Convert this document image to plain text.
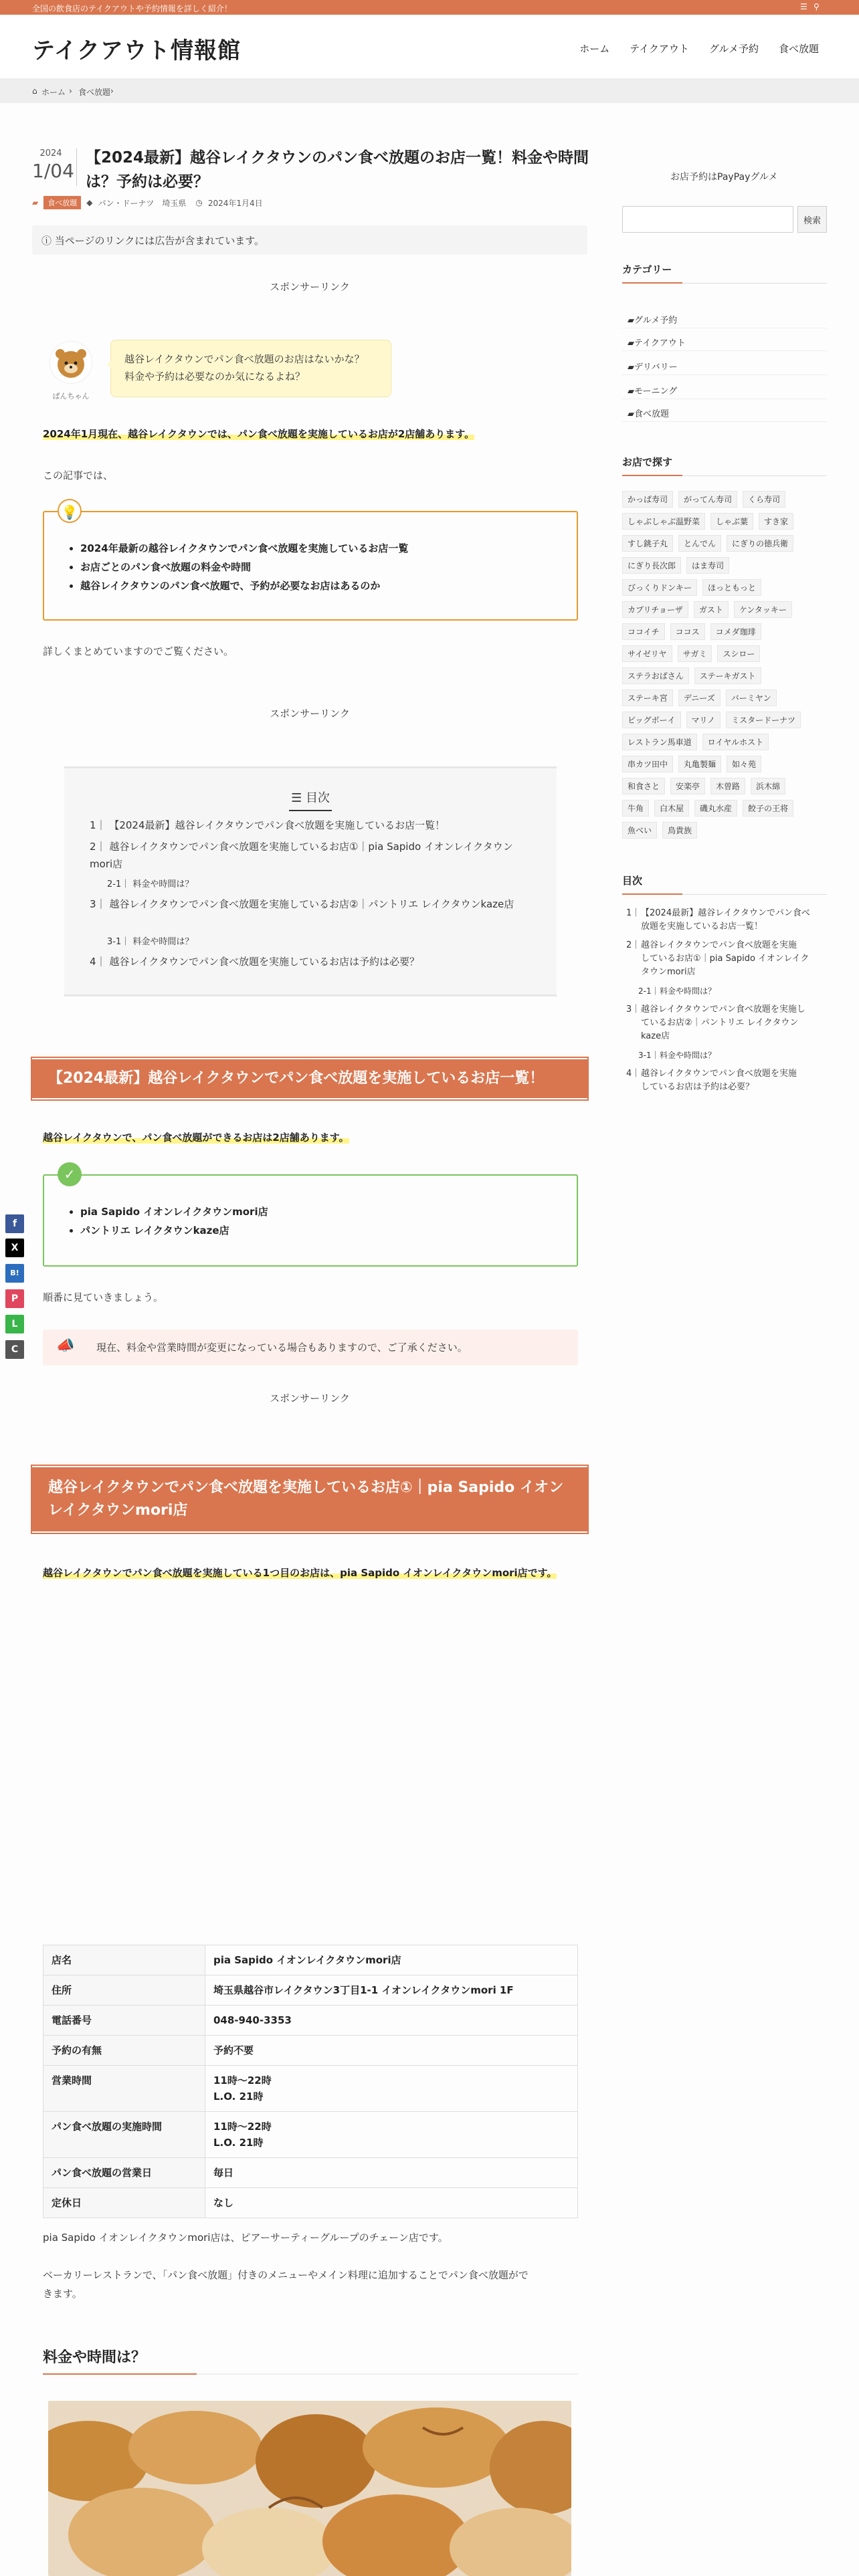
全国の飲食店のテイクアウトや予約情報を詳しく紹介！	☰ ⚲
テイクアウト情報館	ホーム テイクアウト グルメ予約 食べ放題
⌂ ホーム › 食べ放題 ›
2024
1/04
【2024最新】越谷レイクタウンのパン食べ放題のお店一覧！料金や時間は？予約は必要？
▰	食べ放題	◆ パン・ドーナツ　埼玉県 ◷ 2024年1月4日
ⓘ 当ページのリンクには広告が含まれています。
スポンサーリンク
ぱんちゃん
越谷レイクタウンでパン食べ放題のお店はないかな？
料金や予約は必要なのか気になるよね？
2024年1月現在、越谷レイクタウンでは、パン食べ放題を実施しているお店が2店舗あります。
この記事では、
💡
• 2024年最新の越谷レイクタウンでパン食べ放題を実施しているお店一覧
• お店ごとのパン食べ放題の料金や時間
• 越谷レイクタウンのパン食べ放題で、予約が必要なお店はあるのか
詳しくまとめていますのでご覧ください。
スポンサーリンク
☰ 目次
1｜ 【2024最新】越谷レイクタウンでパン食べ放題を実施しているお店一覧！
2｜ 越谷レイクタウンでパン食べ放題を実施しているお店①｜pia Sapido イオンレイクタウンmori店
2-1｜ 料金や時間は？
3｜ 越谷レイクタウンでパン食べ放題を実施しているお店②｜パントリエ レイクタウンkaze店
3-1｜ 料金や時間は？
4｜ 越谷レイクタウンでパン食べ放題を実施しているお店は予約は必要？
【2024最新】越谷レイクタウンでパン食べ放題を実施しているお店一覧！
越谷レイクタウンで、パン食べ放題ができるお店は2店舗あります。
✓
• pia Sapido イオンレイクタウンmori店
• パントリエ レイクタウンkaze店
順番に見ていきましょう。
📣 現在、料金や営業時間が変更になっている場合もありますので、ご了承ください。
スポンサーリンク
越谷レイクタウンでパン食べ放題を実施しているお店①｜pia Sapido イオンレイクタウンmori店
越谷レイクタウンでパン食べ放題を実施している1つ目のお店は、pia Sapido イオンレイクタウンmori店です。
店名	pia Sapido イオンレイクタウンmori店
住所	埼玉県越谷市レイクタウン3丁目1-1 イオンレイクタウンmori 1F
電話番号	048-940-3353
予約の有無	予約不要
営業時間	11時〜22時
L.O. 21時

パン食べ放題の実施時間	11時〜22時
L.O. 21時

パン食べ放題の営業日	毎日
定休日	なし
pia Sapido イオンレイクタウンmori店は、ピアーサーティーグループのチェーン店です。
ベーカリーレストランで、「パン食べ放題」付きのメニューやメイン料理に追加することでパン食べ放題がで
きます。
料金や時間は？
f
X
B!
P
L
C
お店予約はPayPayグルメ
検索
カテゴリー
▰グルメ予約
▰テイクアウト
▰デリバリー
▰モーニング
▰食べ放題
お店で探す
かっぱ寿司	がってん寿司	くら寿司
しゃぶしゃぶ温野菜	しゃぶ葉	すき家
すし銚子丸	とんでん	にぎりの徳兵衛
にぎり長次郎	はま寿司
びっくりドンキー	ほっともっと
カプリチョーザ	ガスト	ケンタッキー
ココイチ	ココス	コメダ珈琲
サイゼリヤ	サガミ	スシロー
ステラおばさん	ステーキガスト
ステーキ宮	デニーズ	バーミヤン
ビッグボーイ	マリノ	ミスタードーナツ
レストラン馬車道	ロイヤルホスト
串カツ田中	丸亀製麺	如々苑
和食さと	安楽亭	木曽路	浜木綿
牛角	白木屋	磯丸水産	餃子の王将
魚べい	鳥貴族
目次
1｜ 【2024最新】越谷レイクタウンでパン食べ
放題を実施しているお店一覧！
2｜ 越谷レイクタウンでパン食べ放題を実施
しているお店①｜pia Sapido イオンレイク
タウンmori店
2-1｜ 料金や時間は？
3｜ 越谷レイクタウンでパン食べ放題を実施し
ているお店②｜パントリエ レイクタウン
kaze店
3-1｜ 料金や時間は？
4｜ 越谷レイクタウンでパン食べ放題を実施
しているお店は予約は必要？
